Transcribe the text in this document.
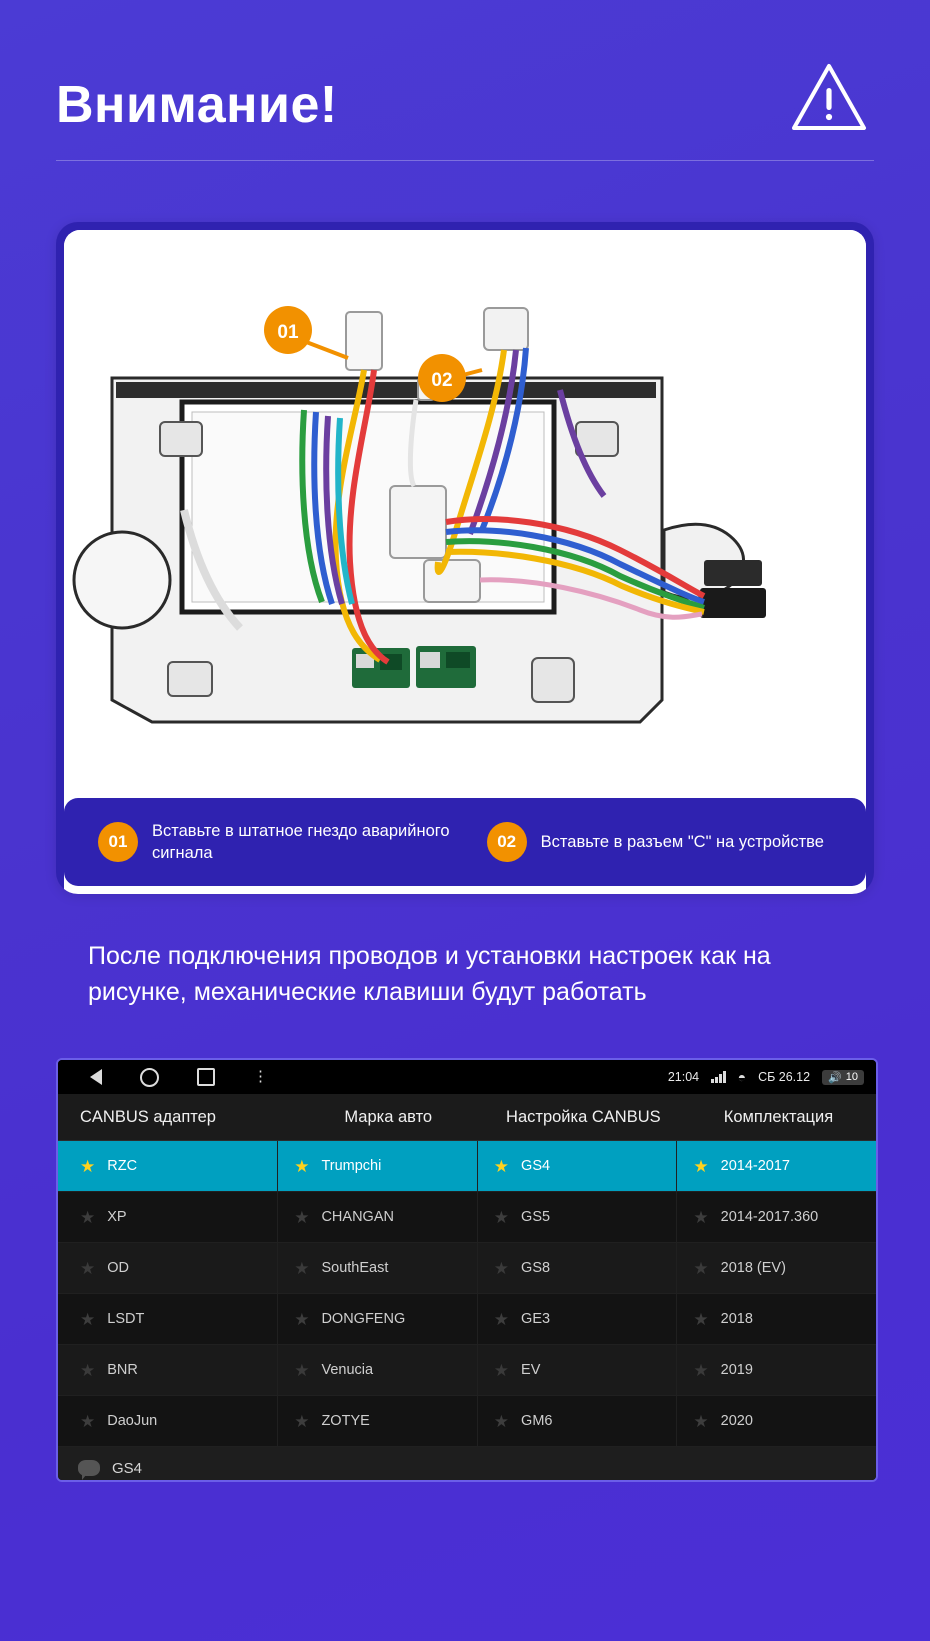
Внимание!
01
02
01
Вставьте в штатное гнездо аварийного сигнала
02	Вставьте в разъем "C" на устройстве
После подключения проводов и установки настроек как на рисунке, механические клавиши будут работать
⋮	21:04	◓ СБ 26.12 🔊 10
CANBUS адаптер	Марка авто	Настройка CANBUS	Комплектация
★ RZC	★ Trumpchi	★ GS4	★ 2014-2017
★ XP	★ CHANGAN	★ GS5	★ 2014-2017.360
★ OD	★ SouthEast	★ GS8	★ 2018 (EV)
★ LSDT	★ DONGFENG	★ GE3	★ 2018
★ BNR	★ Venucia	★ EV	★ 2019
★ DaoJun	★ ZOTYE	★ GM6	★ 2020
GS4
